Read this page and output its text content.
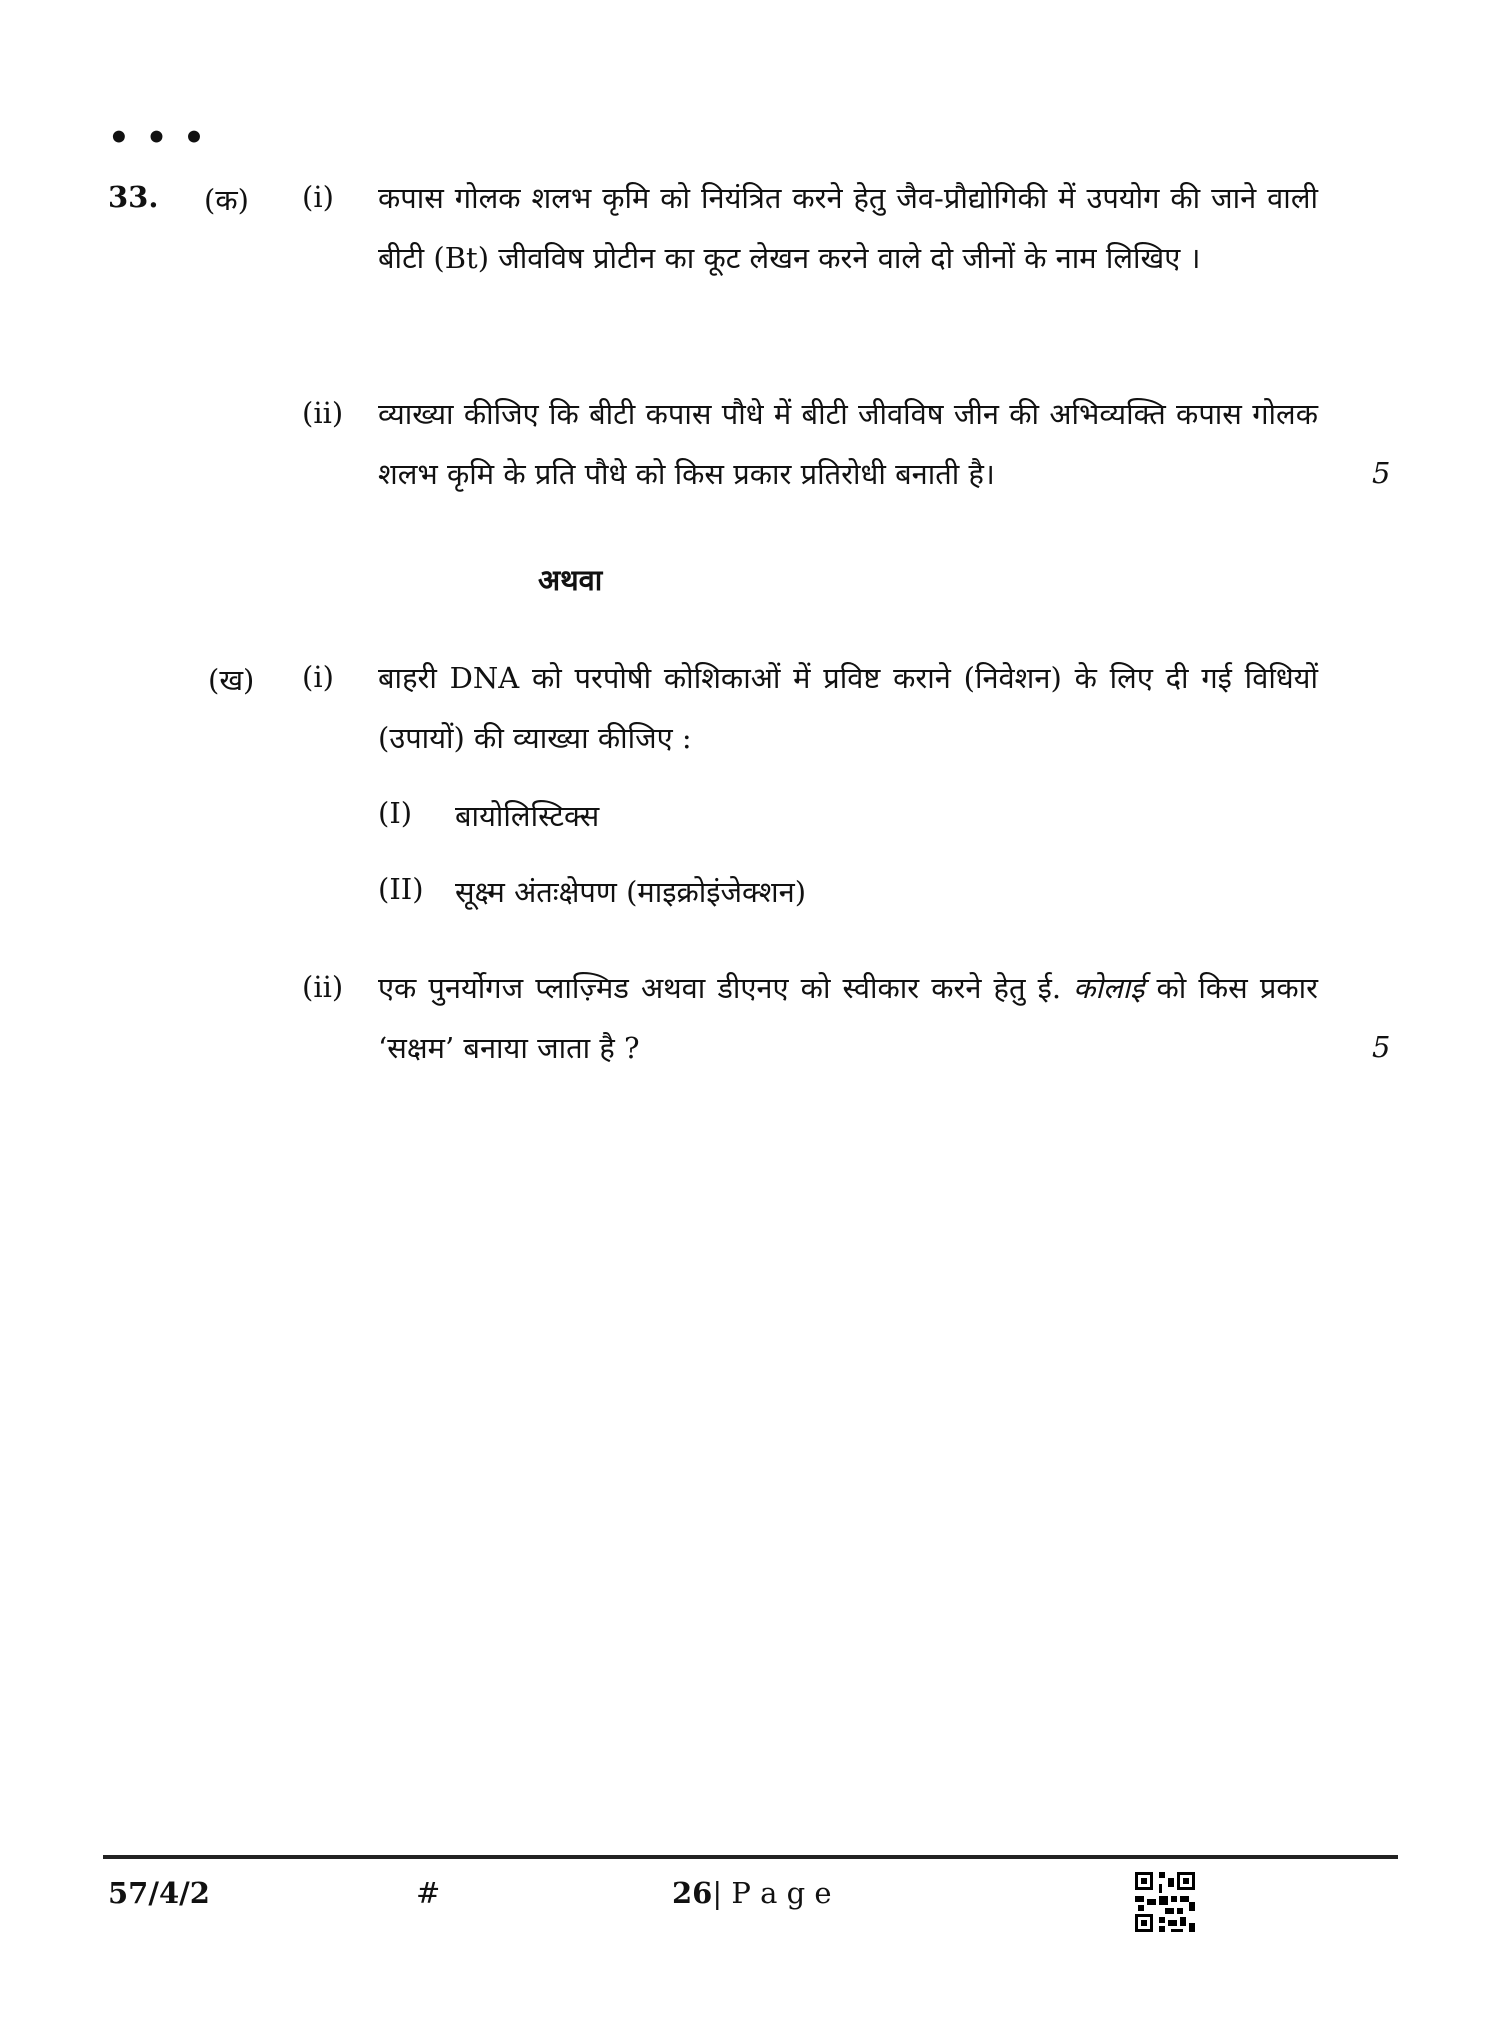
• • •
33. (क) (i) कपास गोलक शलभ कृमि को नियंत्रित करने हेतु जैव-प्रौद्योगिकी में उपयोग की जाने वाली बीटी (Bt) जीवविष प्रोटीन का कूट लेखन करने वाले दो जीनों के नाम लिखिए ।
(ii) व्याख्या कीजिए कि बीटी कपास पौधे में बीटी जीवविष जीन की अभिव्यक्ति कपास गोलक शलभ कृमि के प्रति पौधे को किस प्रकार प्रतिरोधी बनाती है।	5
अथवा
(ख) (i) बाहरी DNA को परपोषी कोशिकाओं में प्रविष्ट कराने (निवेशन) के लिए दी गई विधियों (उपायों) की व्याख्या कीजिए :
(I) बायोलिस्टिक्स
(II) सूक्ष्म अंतःक्षेपण (माइक्रोइंजेक्शन)
(ii) एक पुनर्योगज प्लाज़्मिड अथवा डीएनए को स्वीकार करने हेतु ई. कोलाई को किस प्रकार ‘सक्षम’ बनाया जाता है ?	5
57/4/2	#	26| P a g e
